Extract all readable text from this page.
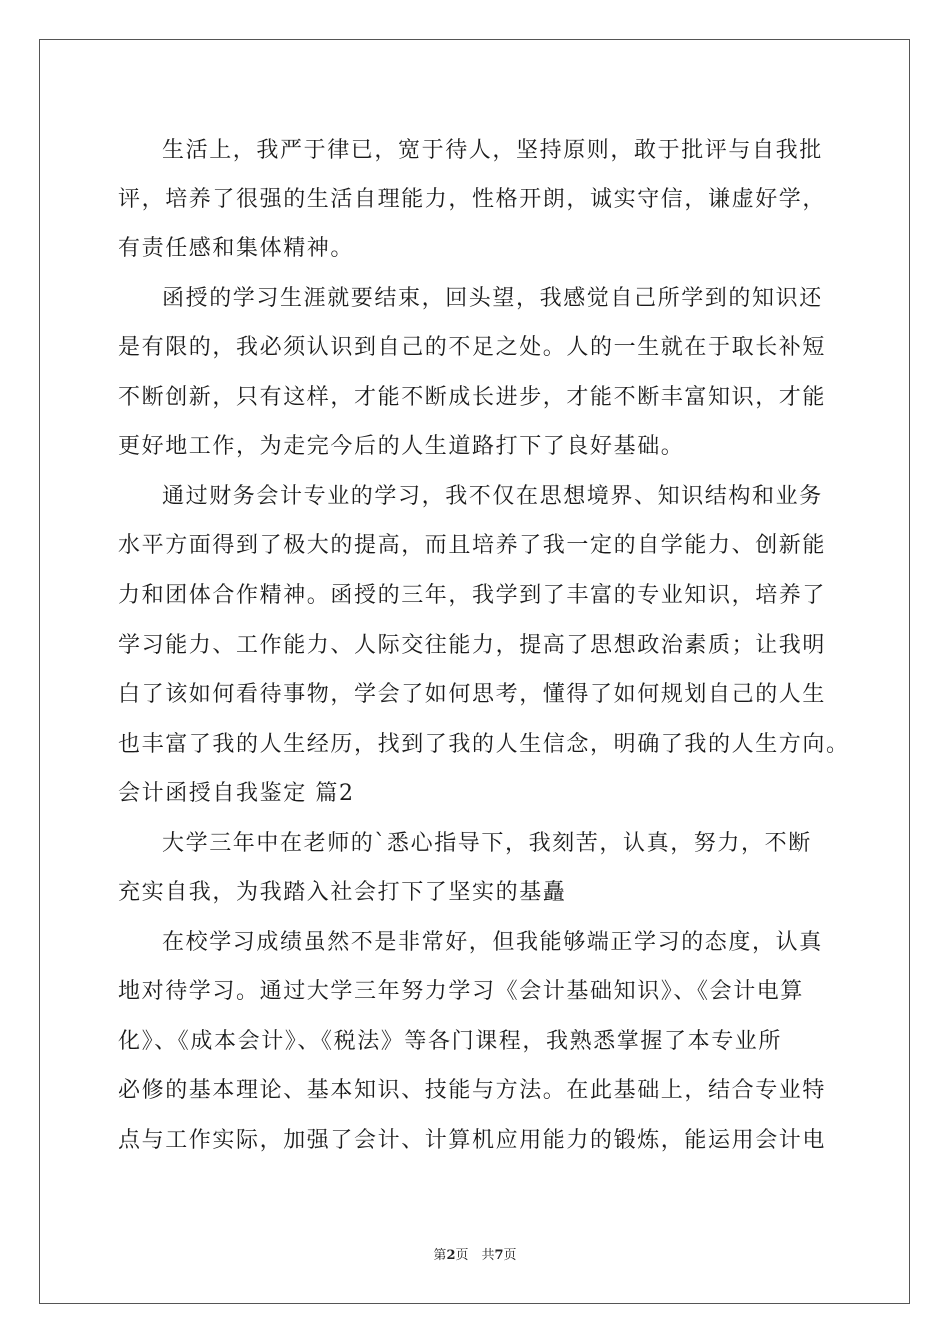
生活上，我严于律已，宽于待人，坚持原则，敢于批评与自我批
评，培养了很强的生活自理能力，性格开朗，诚实守信，谦虚好学，
有责任感和集体精神。
函授的学习生涯就要结束，回头望，我感觉自己所学到的知识还
是有限的，我必须认识到自己的不足之处。人的一生就在于取长补短
不断创新，只有这样，才能不断成长进步，才能不断丰富知识，才能
更好地工作，为走完今后的人生道路打下了良好基础。
通过财务会计专业的学习，我不仅在思想境界、知识结构和业务
水平方面得到了极大的提高，而且培养了我一定的自学能力、创新能
力和团体合作精神。函授的三年，我学到了丰富的专业知识，培养了
学习能力、工作能力、人际交往能力，提高了思想政治素质；让我明
白了该如何看待事物，学会了如何思考，懂得了如何规划自己的人生
也丰富了我的人生经历，找到了我的人生信念，明确了我的人生方向。
会计函授自我鉴定 篇2
大学三年中在老师的`悉心指导下，我刻苦，认真，努力，不断
充实自我，为我踏入社会打下了坚实的基矗
在校学习成绩虽然不是非常好，但我能够端正学习的态度，认真
地对待学习。通过大学三年努力学习《会计基础知识》、《会计电算
化》、《成本会计》、《税法》等各门课程，我熟悉掌握了本专业所
必修的基本理论、基本知识、技能与方法。在此基础上，结合专业特
点与工作实际，加强了会计、计算机应用能力的锻炼，能运用会计电
第2页　共7页
